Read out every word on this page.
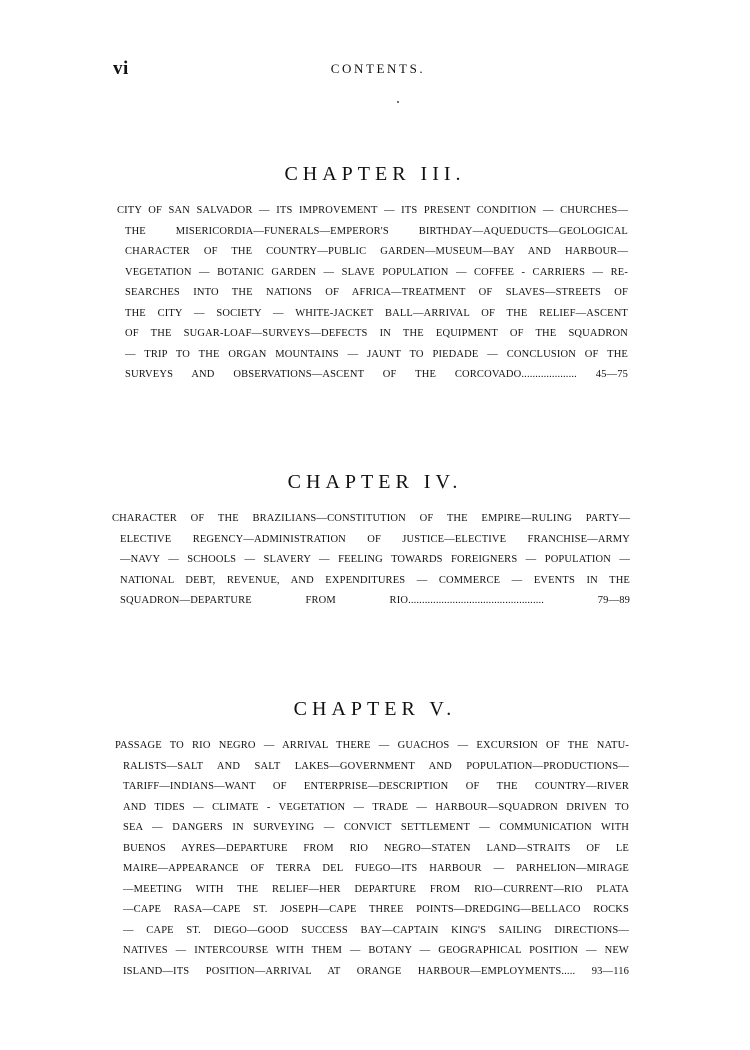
vi	CONTENTS.
CHAPTER III.
CITY OF SAN SALVADOR — ITS IMPROVEMENT — ITS PRESENT CONDITION — CHURCHES—
THE MISERICORDIA—FUNERALS—EMPEROR'S BIRTHDAY—AQUEDUCTS—GEOLOGICAL
CHARACTER OF THE COUNTRY—PUBLIC GARDEN—MUSEUM—BAY AND HARBOUR—
VEGETATION — BOTANIC GARDEN — SLAVE POPULATION — COFFEE - CARRIERS — RE-
SEARCHES INTO THE NATIONS OF AFRICA—TREATMENT OF SLAVES—STREETS OF
THE CITY — SOCIETY — WHITE-JACKET BALL—ARRIVAL OF THE RELIEF—ASCENT
OF THE SUGAR-LOAF—SURVEYS—DEFECTS IN THE EQUIPMENT OF THE SQUADRON
— TRIP TO THE ORGAN MOUNTAINS — JAUNT TO PIEDADE — CONCLUSION OF THE
SURVEYS AND OBSERVATIONS—ASCENT OF THE CORCOVADO.................... 45—75
CHAPTER IV.
CHARACTER OF THE BRAZILIANS—CONSTITUTION OF THE EMPIRE—RULING PARTY—
ELECTIVE REGENCY—ADMINISTRATION OF JUSTICE—ELECTIVE FRANCHISE—ARMY
—NAVY — SCHOOLS — SLAVERY — FEELING TOWARDS FOREIGNERS — POPULATION —
NATIONAL DEBT, REVENUE, AND EXPENDITURES — COMMERCE — EVENTS IN THE
SQUADRON—DEPARTURE FROM RIO................................................. 79—89
CHAPTER V.
PASSAGE TO RIO NEGRO — ARRIVAL THERE — GUACHOS — EXCURSION OF THE NATU-
RALISTS—SALT AND SALT LAKES—GOVERNMENT AND POPULATION—PRODUCTIONS—
TARIFF—INDIANS—WANT OF ENTERPRISE—DESCRIPTION OF THE COUNTRY—RIVER
AND TIDES — CLIMATE - VEGETATION — TRADE — HARBOUR—SQUADRON DRIVEN TO
SEA — DANGERS IN SURVEYING — CONVICT SETTLEMENT — COMMUNICATION WITH
BUENOS AYRES—DEPARTURE FROM RIO NEGRO—STATEN LAND—STRAITS OF LE
MAIRE—APPEARANCE OF TERRA DEL FUEGO—ITS HARBOUR — PARHELION—MIRAGE
—MEETING WITH THE RELIEF—HER DEPARTURE FROM RIO—CURRENT—RIO PLATA
—CAPE RASA—CAPE ST. JOSEPH—CAPE THREE POINTS—DREDGING—BELLACO ROCKS
— CAPE ST. DIEGO—GOOD SUCCESS BAY—CAPTAIN KING'S SAILING DIRECTIONS—
NATIVES — INTERCOURSE WITH THEM — BOTANY — GEOGRAPHICAL POSITION — NEW
ISLAND—ITS POSITION—ARRIVAL AT ORANGE HARBOUR—EMPLOYMENTS..... 93—116
